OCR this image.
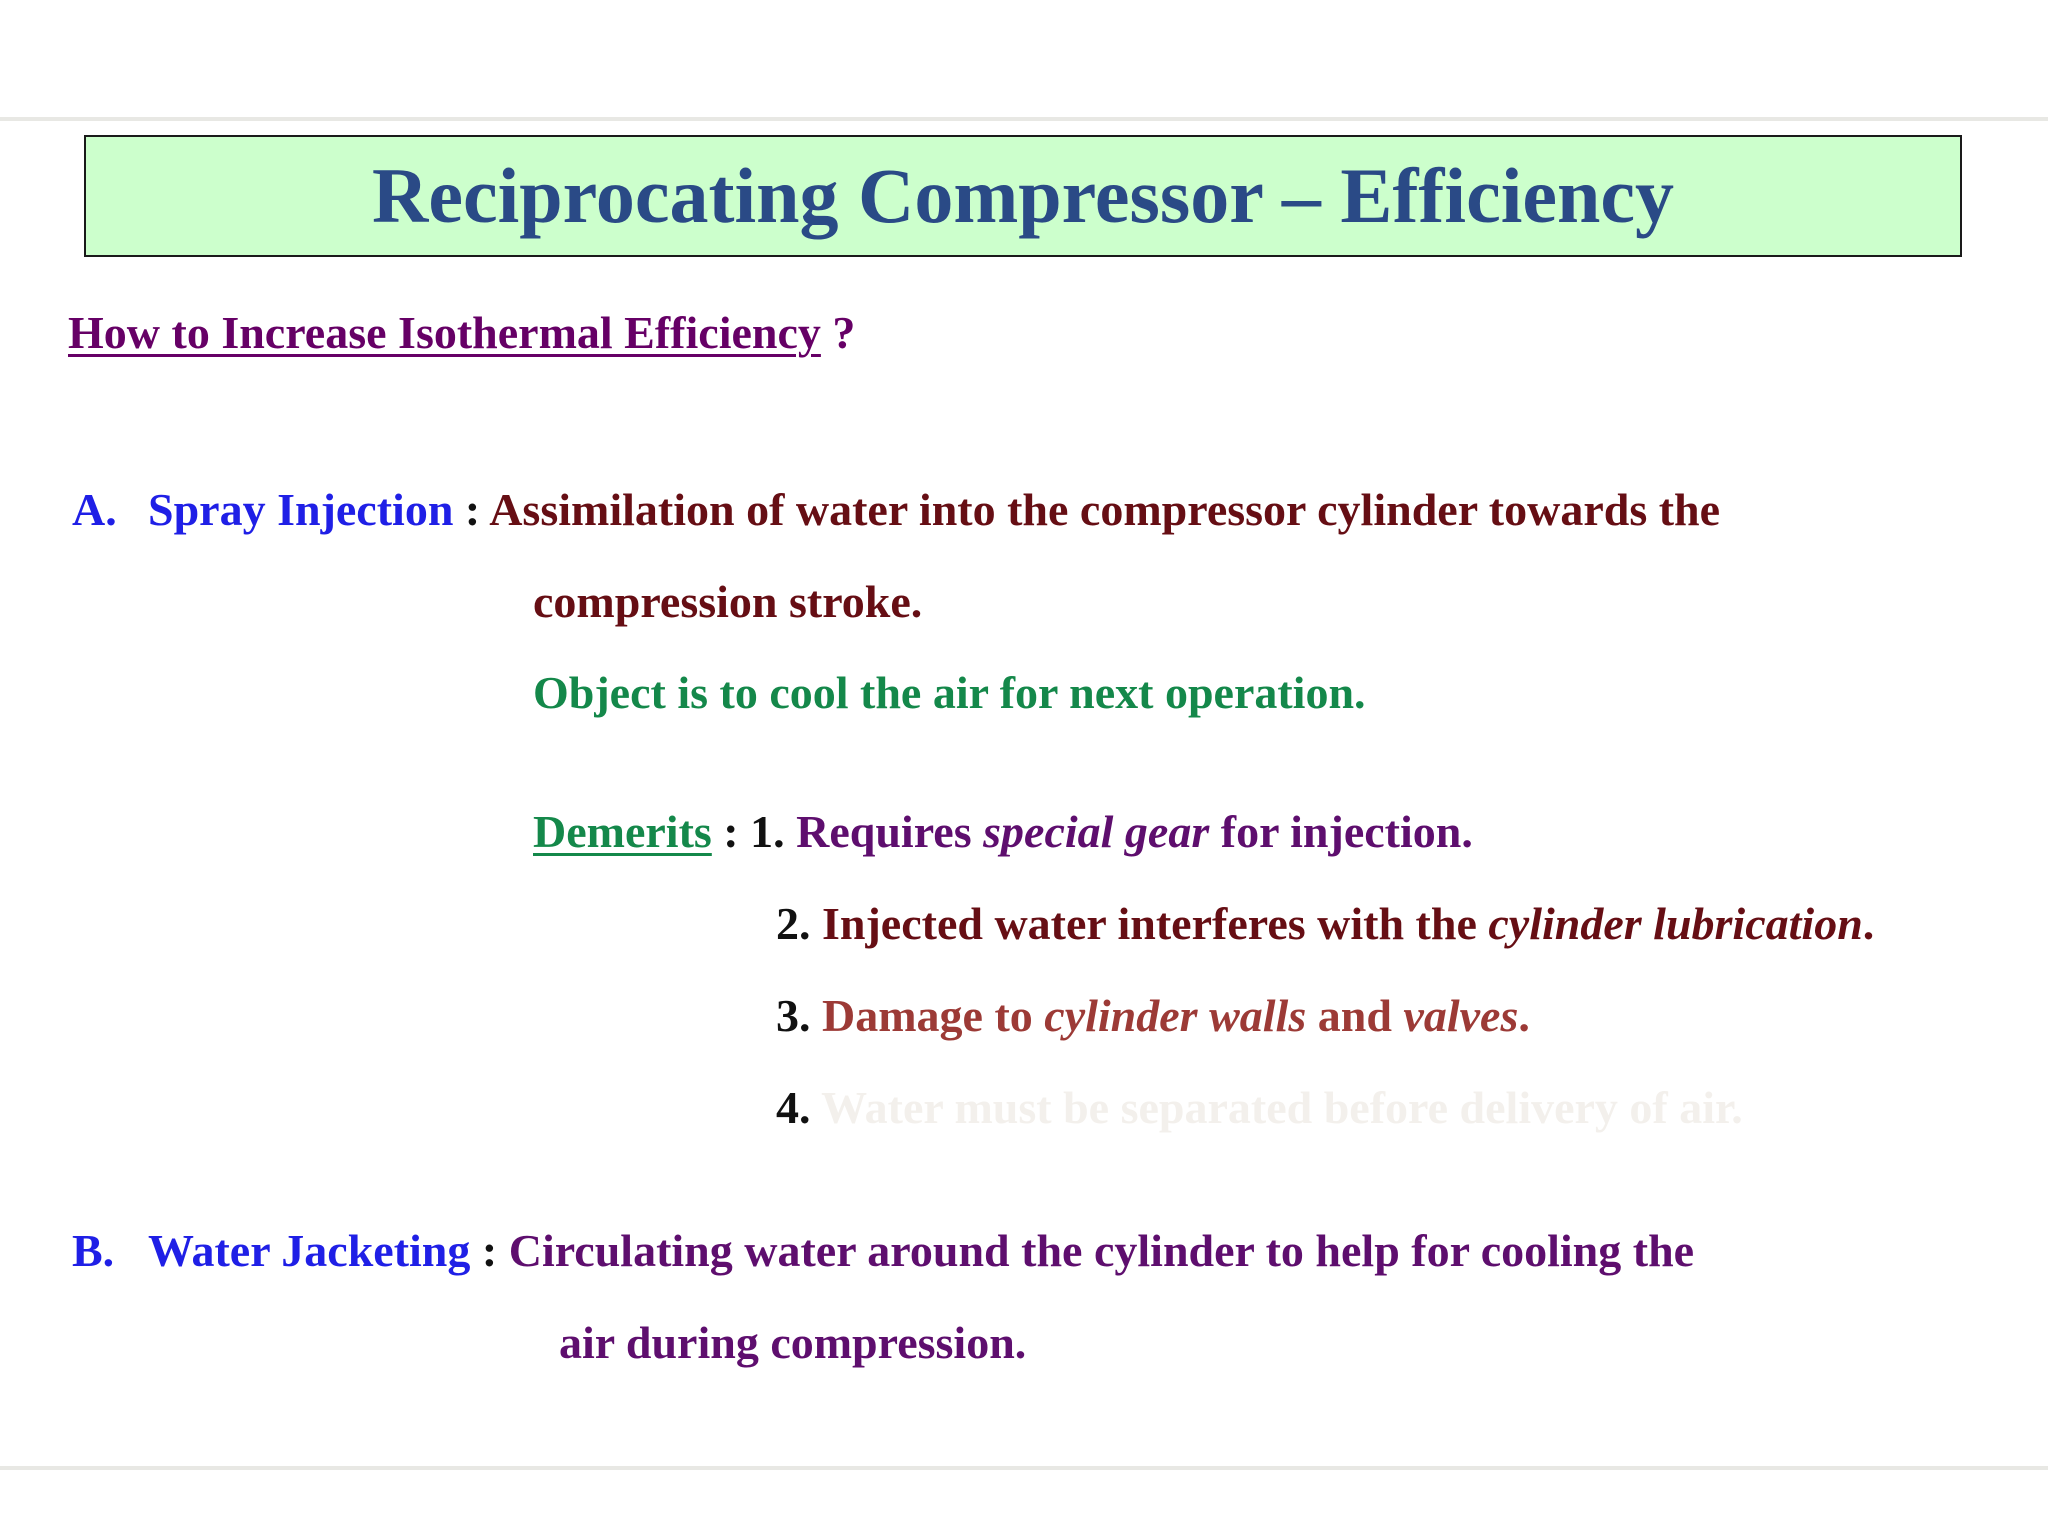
Reciprocating Compressor – Efficiency
How to Increase Isothermal Efficiency ?
A. Spray Injection : Assimilation of water into the compressor cylinder towards the
compression stroke.
Object is to cool the air for next operation.
Demerits : 1. Requires special gear for injection.
2. Injected water interferes with the cylinder lubrication.
3. Damage to cylinder walls and valves.
4. Water must be separated before delivery of air.
B. Water Jacketing : Circulating water around the cylinder to help for cooling the
air during compression.
